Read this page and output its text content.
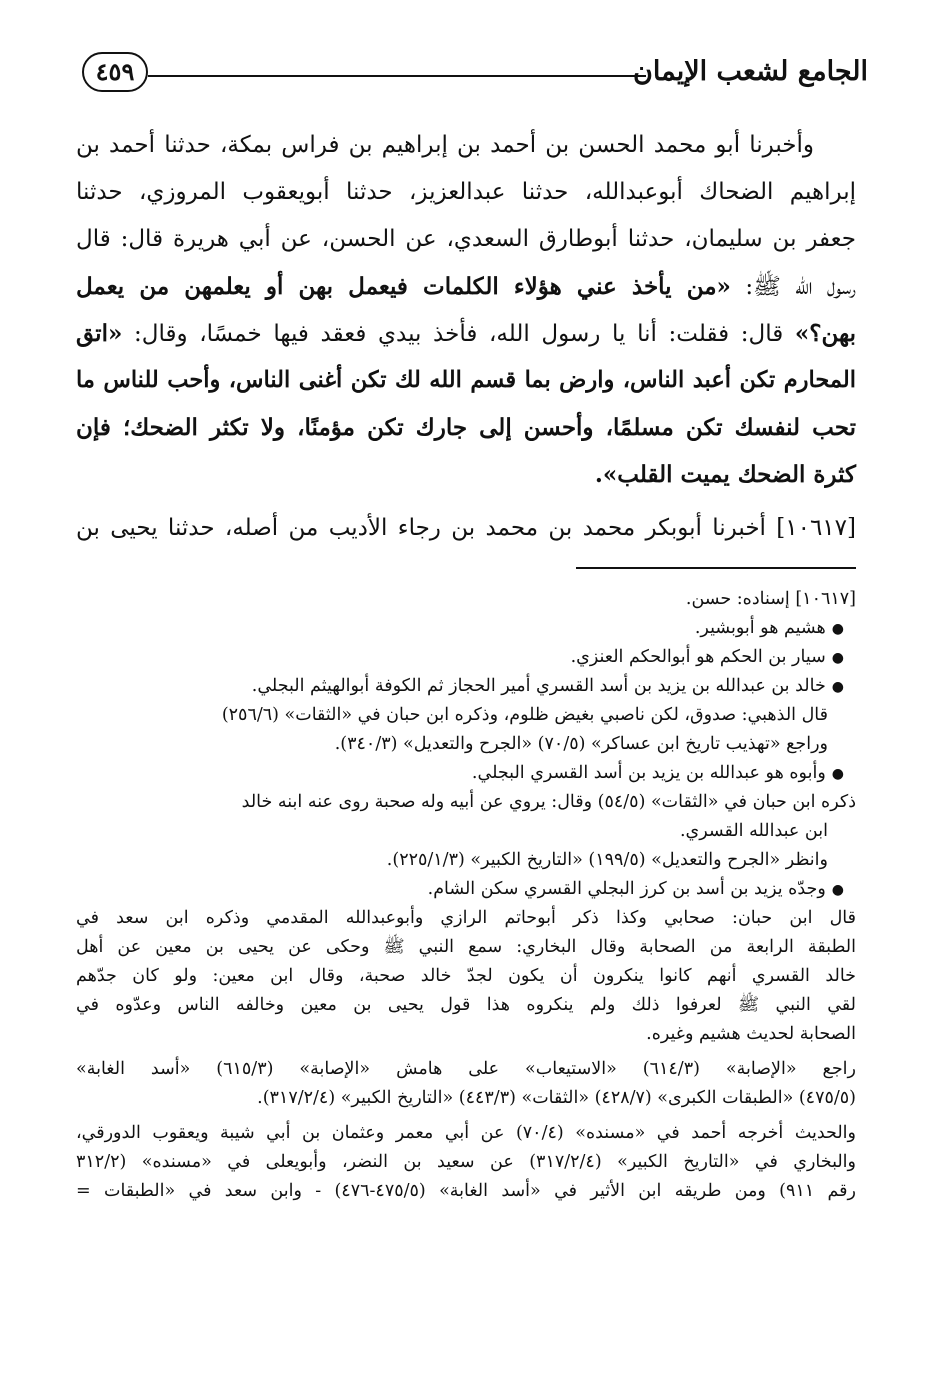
الجامع لشعب الإيمان
٤٥٩
وأخبرنا أبو محمد الحسن بن أحمد بن إبراهيم بن فراس بمكة، حدثنا أحمد بن
إبراهيم الضحاك أبوعبدالله، حدثنا عبدالعزيز، حدثنا أبويعقوب المروزي، حدثنا
جعفر بن سليمان، حدثنا أبوطارق السعدي، عن الحسن، عن أبي هريرة قال: قال
رسول الله ﷺ: «من يأخذ عني هؤلاء الكلمات فيعمل بهن أو يعلمهن من يعمل
بهن؟» قال: فقلت: أنا يا رسول الله، فأخذ بيدي فعقد فيها خمسًا، وقال: «اتق
المحارم تكن أعبد الناس، وارض بما قسم الله لك تكن أغنى الناس، وأحب للناس ما
تحب لنفسك تكن مسلمًا، وأحسن إلى جارك تكن مؤمنًا، ولا تكثر الضحك؛ فإن
كثرة الضحك يميت القلب».
[١٠٦١٧] أخبرنا أبوبكر محمد بن محمد بن رجاء الأديب من أصله، حدثنا يحيى بن
[١٠٦١٧] إسناده: حسن.
●هشيم هو أبوبشير.
●سيار بن الحكم هو أبوالحكم العنزي.
●خالد بن عبدالله بن يزيد بن أسد القسري أمير الحجاز ثم الكوفة أبوالهيثم البجلي.
قال الذهبي: صدوق، لكن ناصبي بغيض ظلوم، وذكره ابن حبان في «الثقات» (٢٥٦/٦)
وراجع «تهذيب تاريخ ابن عساكر» (٧٠/٥) «الجرح والتعديل» (٣٤٠/٣).
●وأبوه هو عبدالله بن يزيد بن أسد القسري البجلي.
ذكره ابن حبان في «الثقات» (٥٤/٥) وقال: يروي عن أبيه وله صحبة روى عنه ابنه خالد
ابن عبدالله القسري.
وانظر «الجرح والتعديل» (١٩٩/٥) «التاريخ الكبير» (٢٢٥/١/٣).
●وجدّه يزيد بن أسد بن كرز البجلي القسري سكن الشام.
قال ابن حبان: صحابي وكذا ذكر أبوحاتم الرازي وأبوعبدالله المقدمي وذكره ابن سعد في
الطبقة الرابعة من الصحابة وقال البخاري: سمع النبي ﷺ وحكى عن يحيى بن معين عن أهل
خالد القسري أنهم كانوا ينكرون أن يكون لجدّ خالد صحبة، وقال ابن معين: ولو كان جدّهم
لقي النبي ﷺ لعرفوا ذلك ولم ينكروه هذا قول يحيى بن معين وخالفه الناس وعدّوه في
الصحابة لحديث هشيم وغيره.
راجع «الإصابة» (٦١٤/٣) «الاستيعاب» على هامش «الإصابة» (٦١٥/٣) «أسد الغابة»
(٤٧٥/٥) «الطبقات الكبرى» (٤٢٨/٧) «الثقات» (٤٤٣/٣) «التاريخ الكبير» (٣١٧/٢/٤).
والحديث أخرجه أحمد في «مسنده» (٧٠/٤) عن أبي معمر وعثمان بن أبي شيبة ويعقوب الدورقي،
والبخاري في «التاريخ الكبير» (٣١٧/٢/٤) عن سعيد بن النضر، وأبويعلى في «مسنده» (٣١٢/٢
رقم ٩١١) ومن طريقه ابن الأثير في «أسد الغابة» (٤٧٥/٥-٤٧٦) - وابن سعد في «الطبقات =
